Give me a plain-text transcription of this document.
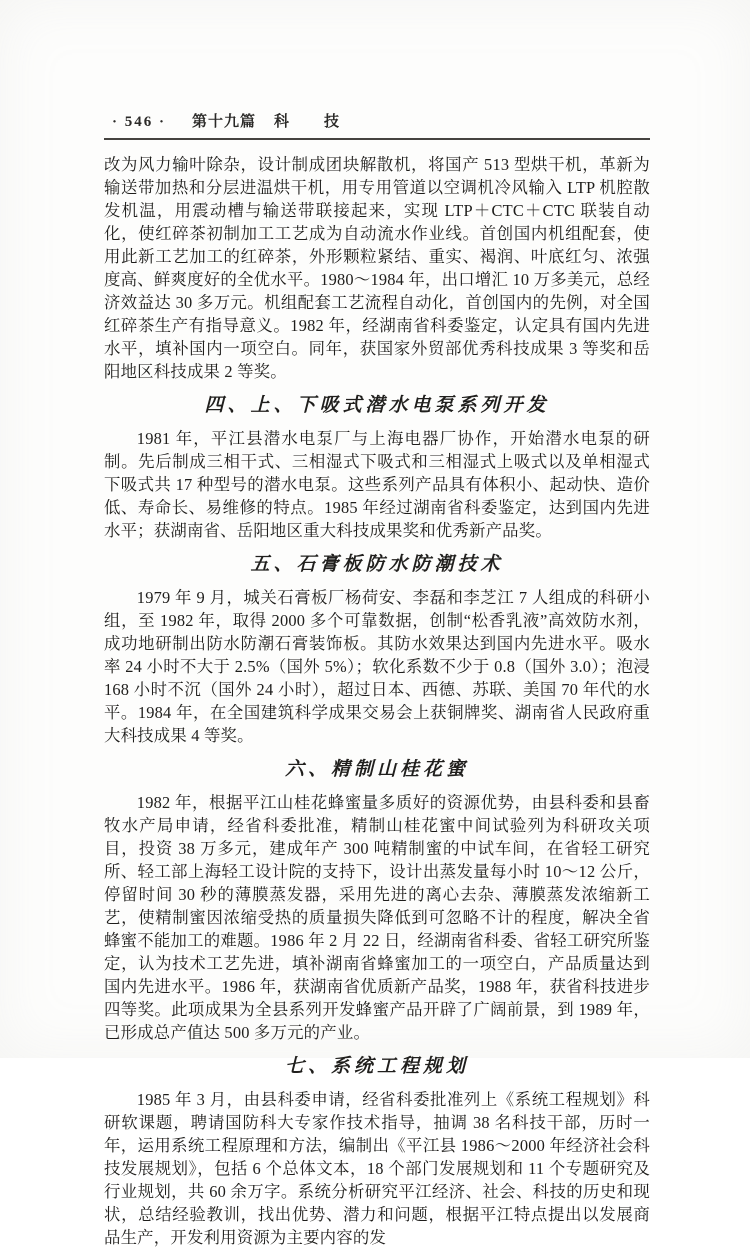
· 546 · 第十九篇 科　技

改为风力输叶除杂，设计制成团块解散机，将国产 513 型烘干机，革新为输送带加热和分层进温烘干机，用专用管道以空调机冷风输入 LTP 机腔散发机温，用震动槽与输送带联接起来，实现 LTP＋CTC＋CTC 联装自动化，使红碎茶初制加工工艺成为自动流水作业线。首创国内机组配套，使用此新工艺加工的红碎茶，外形颗粒紧结、重实、褐润、叶底红匀、浓强度高、鲜爽度好的全优水平。1980～1984 年，出口增汇 10 万多美元，总经济效益达 30 多万元。机组配套工艺流程自动化，首创国内的先例，对全国红碎茶生产有指导意义。1982 年，经湖南省科委鉴定，认定具有国内先进水平，填补国内一项空白。同年，获国家外贸部优秀科技成果 3 等奖和岳阳地区科技成果 2 等奖。

四、上、下吸式潜水电泵系列开发

1981 年，平江县潜水电泵厂与上海电器厂协作，开始潜水电泵的研制。先后制成三相干式、三相湿式下吸式和三相湿式上吸式以及单相湿式下吸式共 17 种型号的潜水电泵。这些系列产品具有体积小、起动快、造价低、寿命长、易维修的特点。1985 年经过湖南省科委鉴定，达到国内先进水平；获湖南省、岳阳地区重大科技成果奖和优秀新产品奖。

五、石膏板防水防潮技术

1979 年 9 月，城关石膏板厂杨荷安、李磊和李芝江 7 人组成的科研小组，至 1982 年，取得 2000 多个可靠数据，创制“松香乳液”高效防水剂，成功地研制出防水防潮石膏装饰板。其防水效果达到国内先进水平。吸水率 24 小时不大于 2.5%（国外 5%）；软化系数不少于 0.8（国外 3.0）；泡浸 168 小时不沉（国外 24 小时），超过日本、西德、苏联、美国 70 年代的水平。1984 年，在全国建筑科学成果交易会上获铜牌奖、湖南省人民政府重大科技成果 4 等奖。

六、精制山桂花蜜

1982 年，根据平江山桂花蜂蜜量多质好的资源优势，由县科委和县畜牧水产局申请，经省科委批准，精制山桂花蜜中间试验列为科研攻关项目，投资 38 万多元，建成年产 300 吨精制蜜的中试车间，在省轻工研究所、轻工部上海轻工设计院的支持下，设计出蒸发量每小时 10～12 公斤，停留时间 30 秒的薄膜蒸发器，采用先进的离心去杂、薄膜蒸发浓缩新工艺，使精制蜜因浓缩受热的质量损失降低到可忽略不计的程度，解决全省蜂蜜不能加工的难题。1986 年 2 月 22 日，经湖南省科委、省轻工研究所鉴定，认为技术工艺先进，填补湖南省蜂蜜加工的一项空白，产品质量达到国内先进水平。1986 年，获湖南省优质新产品奖，1988 年，获省科技进步四等奖。此项成果为全县系列开发蜂蜜产品开辟了广阔前景，到 1989 年，已形成总产值达 500 多万元的产业。

七、系统工程规划

1985 年 3 月，由县科委申请，经省科委批准列上《系统工程规划》科研软课题，聘请国防科大专家作技术指导，抽调 38 名科技干部，历时一年，运用系统工程原理和方法，编制出《平江县 1986～2000 年经济社会科技发展规划》，包括 6 个总体文本，18 个部门发展规划和 11 个专题研究及行业规划，共 60 余万字。系统分析研究平江经济、社会、科技的历史和现状，总结经验教训，找出优势、潜力和问题，根据平江特点提出以发展商品生产，开发利用资源为主要内容的发
